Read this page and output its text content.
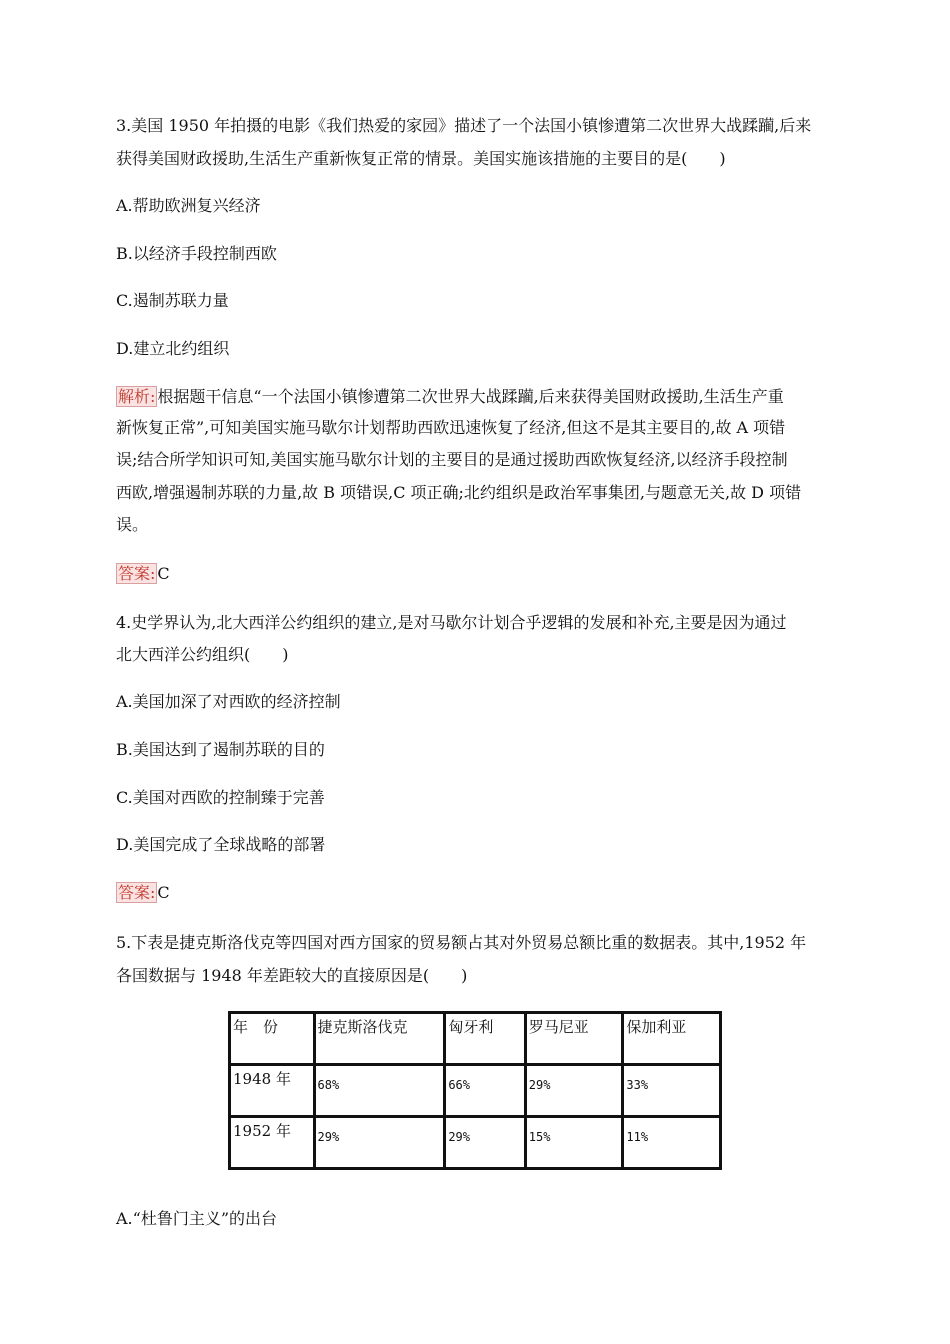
3.美国 1950 年拍摄的电影《我们热爱的家园》描述了一个法国小镇惨遭第二次世界大战蹂躏,后来
获得美国财政援助,生活生产重新恢复正常的情景。美国实施该措施的主要目的是(　　)
A.帮助欧洲复兴经济
B.以经济手段控制西欧
C.遏制苏联力量
D.建立北约组织
解析: 根据题干信息“一个法国小镇惨遭第二次世界大战蹂躏,后来获得美国财政援助,生活生产重
新恢复正常”,可知美国实施马歇尔计划帮助西欧迅速恢复了经济,但这不是其主要目的,故 A 项错
误;结合所学知识可知,美国实施马歇尔计划的主要目的是通过援助西欧恢复经济,以经济手段控制
西欧,增强遏制苏联的力量,故 B 项错误,C 项正确;北约组织是政治军事集团,与题意无关,故 D 项错
误。
答案: C
4.史学界认为,北大西洋公约组织的建立,是对马歇尔计划合乎逻辑的发展和补充,主要是因为通过
北大西洋公约组织(　　)
A.美国加深了对西欧的经济控制
B.美国达到了遏制苏联的目的
C.美国对西欧的控制臻于完善
D.美国完成了全球战略的部署
答案: C
5.下表是捷克斯洛伐克等四国对西方国家的贸易额占其对外贸易总额比重的数据表。其中,1952 年
各国数据与 1948 年差距较大的直接原因是(　　)
年　份	捷克斯洛伐克	匈牙利	罗马尼亚	保加利亚
1948 年	68%	66%	29%	33%
1952 年	29%	29%	15%	11%
A.“杜鲁门主义”的出台
